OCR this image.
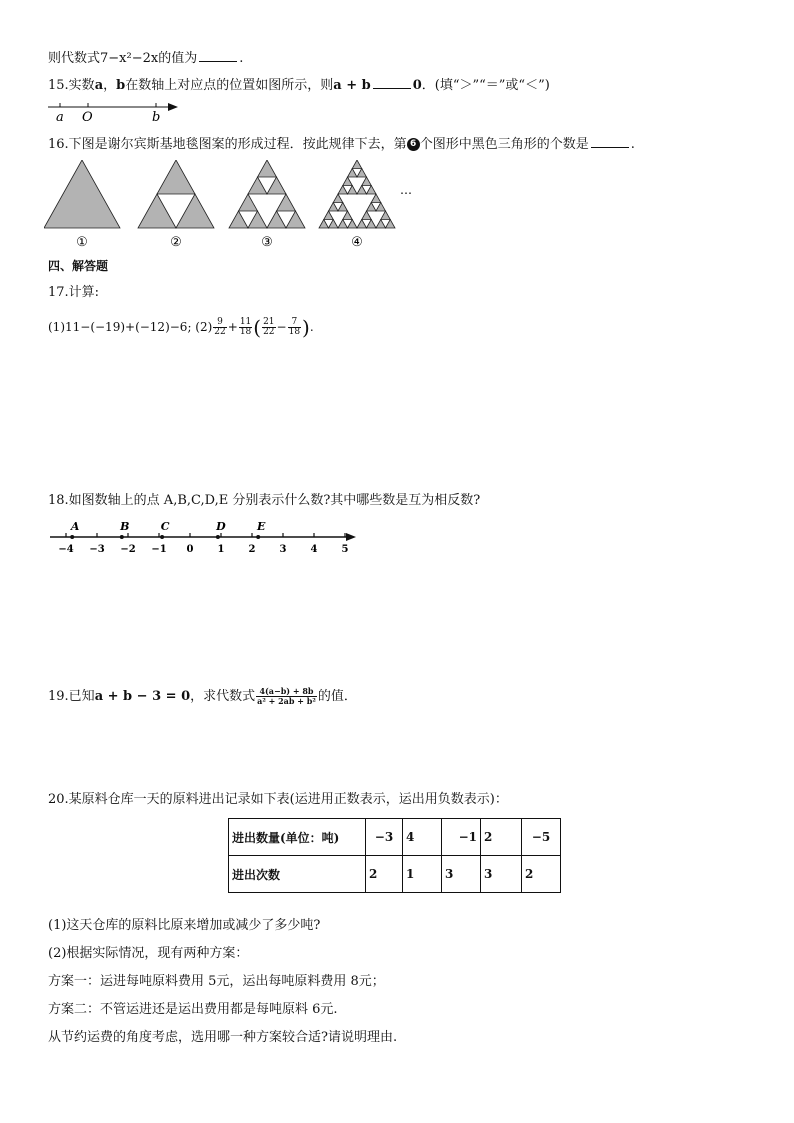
则代数式7−x²−2x的值为	.
15.实数a，b在数轴上对应点的位置如图所示，则a + b	0．(填“＞”“＝”或“＜”)
a O	b
16.下图是谢尔宾斯基地毯图案的形成过程．按此规律下去，第 6 个图形中黑色三角形的个数是	.
①	②	③	④
…
四、解答题
17.计算:
(1)11−(−19)+(−12)−6; $(2) \frac{9}{22} + \frac{11}{18}$ ( $\frac{21}{22} - \frac{7}{18}$ ).
18.如图数轴上的点 A,B,C,D,E 分别表示什么数?其中哪些数是互为相反数?
−4 −3 −2 −1 0 1 2 3 4 5
A	B	C	D	E
19.已知a + b − 3 = 0，求代数式 $\frac{4(a-b) + 8b}{\text{a² + 2ab + b²}}$ 的值．
20.某原料仓库一天的原料进出记录如下表(运进用正数表示，运出用负数表示)：
进出数量(单位：吨)	−3	4	−1	2	−5
进出次数	2	1	3	3	2
(1)这天仓库的原料比原来增加或减少了多少吨?
(2)根据实际情况，现有两种方案：
方案一：运进每吨原料费用 5元，运出每吨原料费用 8元；
方案二：不管运进还是运出费用都是每吨原料 6元.
从节约运费的角度考虑，选用哪一种方案较合适?请说明理由.
